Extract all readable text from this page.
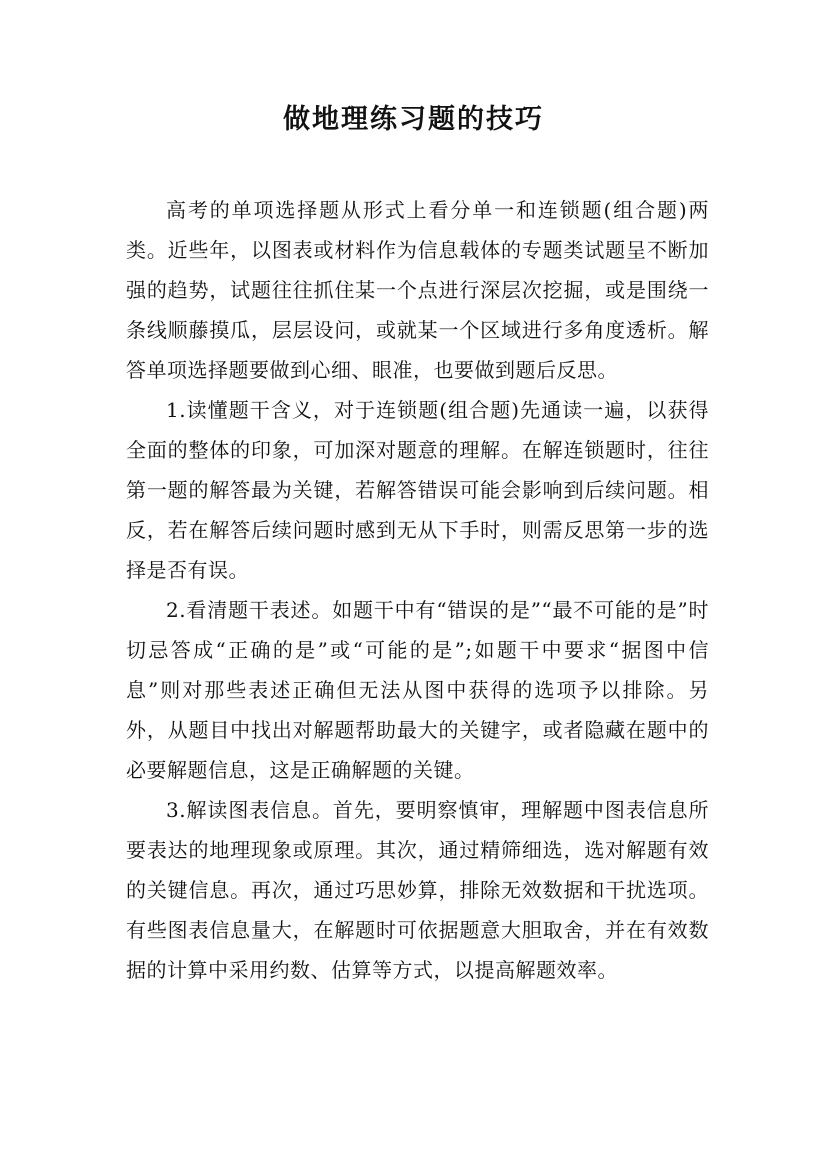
做地理练习题的技巧

高考的单项选择题从形式上看分单一和连锁题(组合题)两类。近些年，以图表或材料作为信息载体的专题类试题呈不断加强的趋势，试题往往抓住某一个点进行深层次挖掘，或是围绕一条线顺藤摸瓜，层层设问，或就某一个区域进行多角度透析。解答单项选择题要做到心细、眼准，也要做到题后反思。

1.读懂题干含义，对于连锁题(组合题)先通读一遍，以获得全面的整体的印象，可加深对题意的理解。在解连锁题时，往往第一题的解答最为关键，若解答错误可能会影响到后续问题。相反，若在解答后续问题时感到无从下手时，则需反思第一步的选择是否有误。

2.看清题干表述。如题干中有“错误的是”“最不可能的是”时切忌答成“正确的是”或“可能的是”;如题干中要求“据图中信息”则对那些表述正确但无法从图中获得的选项予以排除。另外，从题目中找出对解题帮助最大的关键字，或者隐藏在题中的必要解题信息，这是正确解题的关键。

3.解读图表信息。首先，要明察慎审，理解题中图表信息所要表达的地理现象或原理。其次，通过精筛细选，选对解题有效的关键信息。再次，通过巧思妙算，排除无效数据和干扰选项。有些图表信息量大，在解题时可依据题意大胆取舍，并在有效数据的计算中采用约数、估算等方式，以提高解题效率。
